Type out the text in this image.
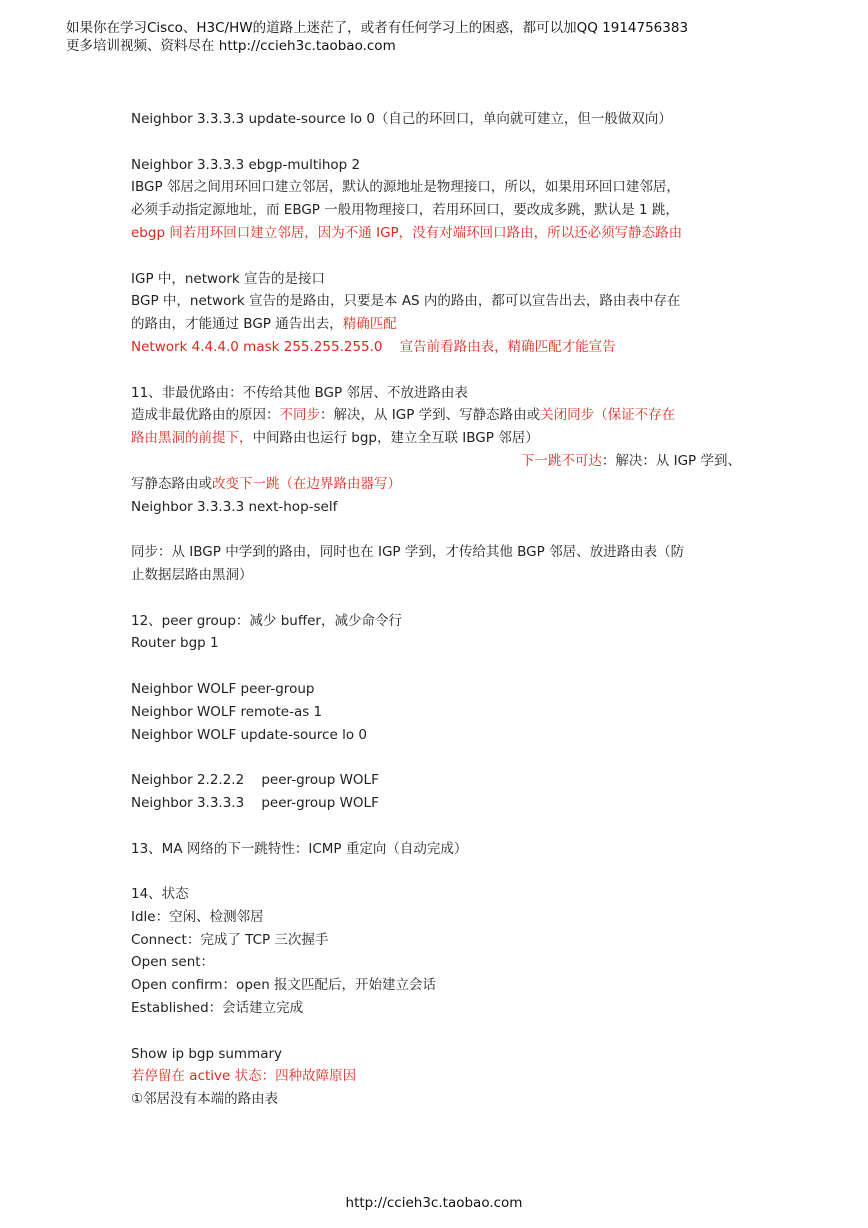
如果你在学习Cisco、H3C/HW的道路上迷茫了，或者有任何学习上的困惑，都可以加QQ 1914756383
更多培训视频、资料尽在 http://ccieh3c.taobao.com
Neighbor 3.3.3.3 update-source lo 0（自己的环回口，单向就可建立，但一般做双向）
Neighbor 3.3.3.3 ebgp-multihop 2
IBGP 邻居之间用环回口建立邻居，默认的源地址是物理接口，所以，如果用环回口建邻居，
必须手动指定源地址，而 EBGP 一般用物理接口，若用环回口，要改成多跳，默认是 1 跳，
ebgp 间若用环回口建立邻居，因为不通 IGP，没有对端环回口路由，所以还必须写静态路由
IGP 中，network 宣告的是接口
BGP 中，network 宣告的是路由，只要是本 AS 内的路由，都可以宣告出去，路由表中存在
的路由，才能通过 BGP 通告出去，精确匹配
Network 4.4.4.0 mask 255.255.255.0 宣告前看路由表，精确匹配才能宣告
11、非最优路由：不传给其他 BGP 邻居、不放进路由表
造成非最优路由的原因：不同步：解决，从 IGP 学到、写静态路由或关闭同步（保证不存在
路由黑洞的前提下，中间路由也运行 bgp，建立全互联 IBGP 邻居）
下一跳不可达：解决：从 IGP 学到、
写静态路由或改变下一跳（在边界路由器写）
Neighbor 3.3.3.3 next-hop-self
同步：从 IBGP 中学到的路由，同时也在 IGP 学到，才传给其他 BGP 邻居、放进路由表（防
止数据层路由黑洞）
12、peer group：减少 buffer，减少命令行
Router bgp 1
Neighbor WOLF peer-group
Neighbor WOLF remote-as 1
Neighbor WOLF update-source lo 0
Neighbor 2.2.2.2    peer-group WOLF
Neighbor 3.3.3.3    peer-group WOLF
13、MA 网络的下一跳特性：ICMP 重定向（自动完成）
14、状态
Idle：空闲、检测邻居
Connect：完成了 TCP 三次握手
Open sent：
Open confirm：open 报文匹配后，开始建立会话
Established：会话建立完成
Show ip bgp summary
若停留在 active 状态：四种故障原因
①邻居没有本端的路由表
http://ccieh3c.taobao.com
